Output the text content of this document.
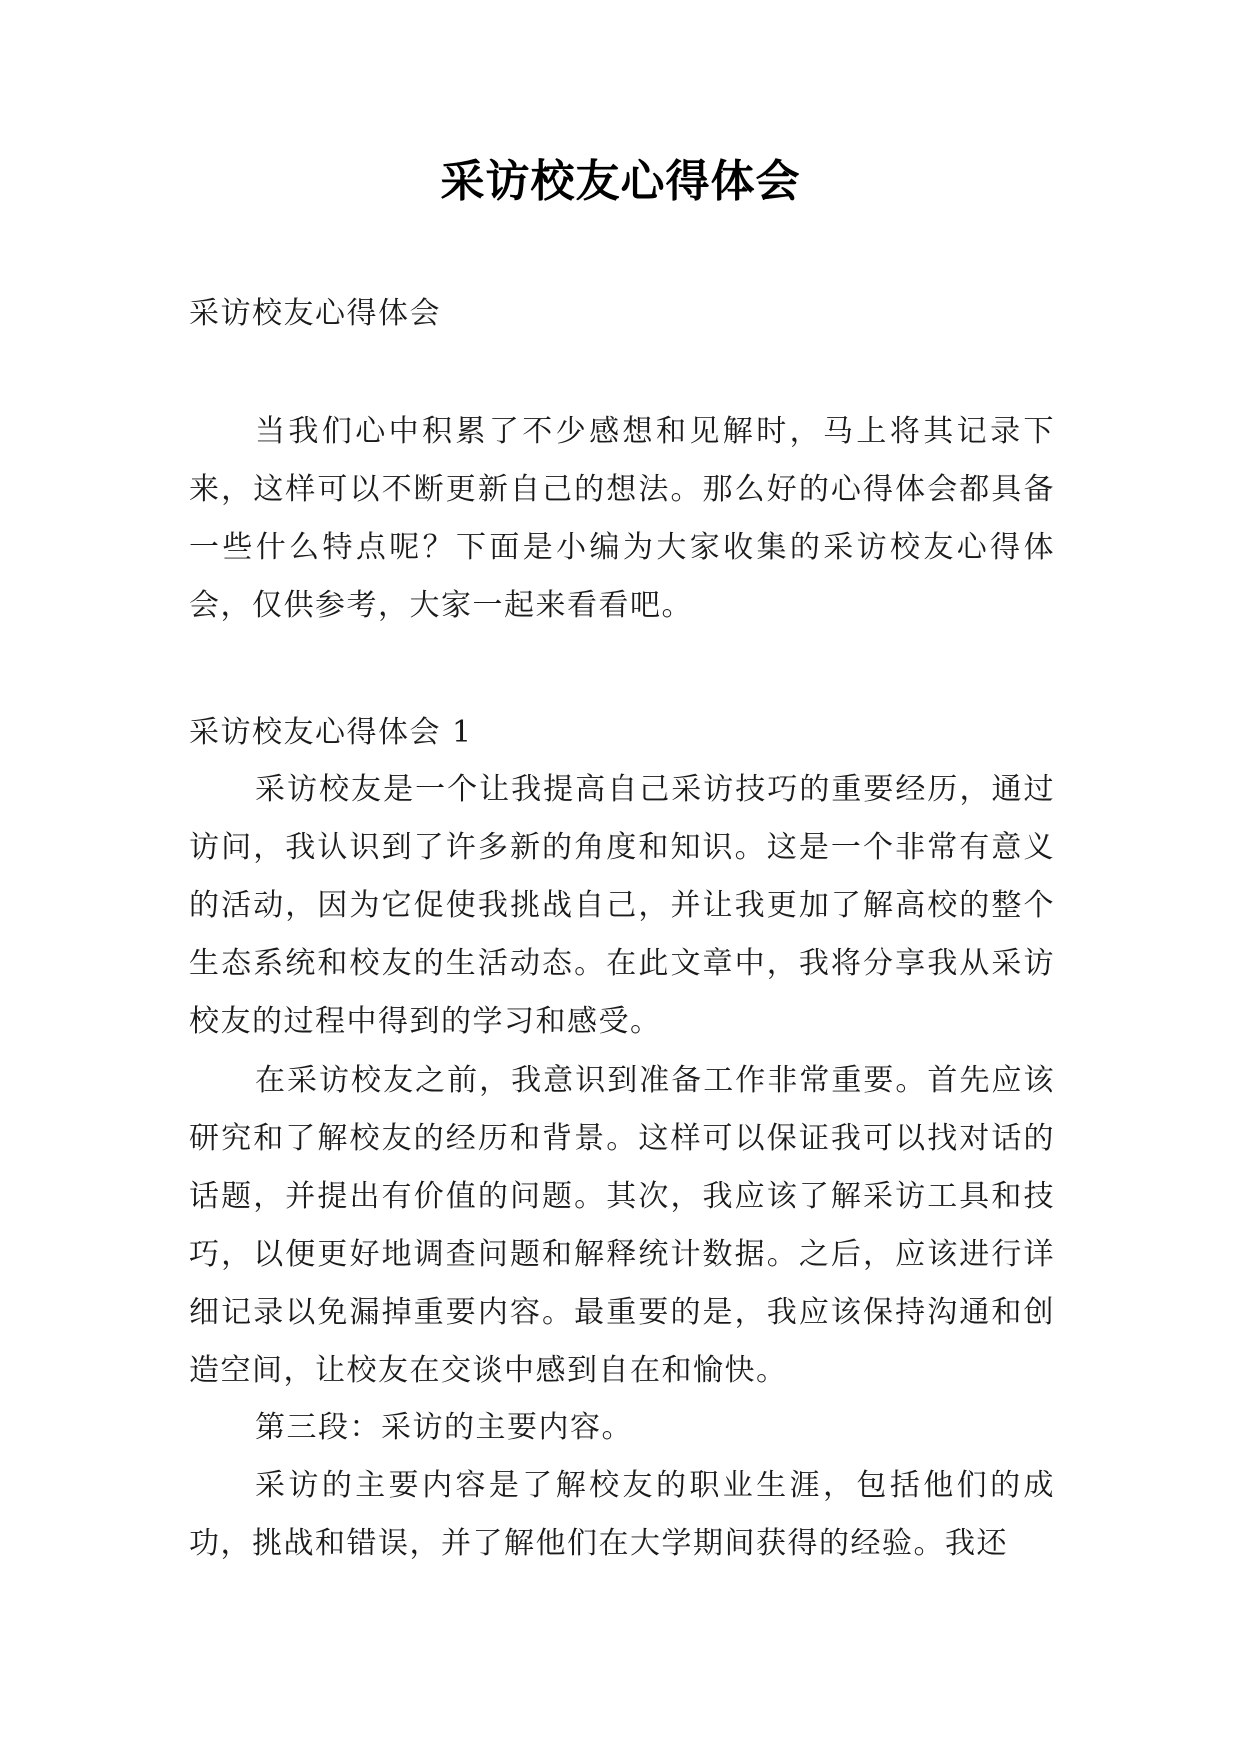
采访校友心得体会

采访校友心得体会

当我们心中积累了不少感想和见解时，马上将其记录下来，这样可以不断更新自己的想法。那么好的心得体会都具备一些什么特点呢？下面是小编为大家收集的采访校友心得体会，仅供参考，大家一起来看看吧。

采访校友心得体会 1

采访校友是一个让我提高自己采访技巧的重要经历，通过访问，我认识到了许多新的角度和知识。这是一个非常有意义的活动，因为它促使我挑战自己，并让我更加了解高校的整个生态系统和校友的生活动态。在此文章中，我将分享我从采访校友的过程中得到的学习和感受。

在采访校友之前，我意识到准备工作非常重要。首先应该研究和了解校友的经历和背景。这样可以保证我可以找对话的话题，并提出有价值的问题。其次，我应该了解采访工具和技巧，以便更好地调查问题和解释统计数据。之后，应该进行详细记录以免漏掉重要内容。最重要的是，我应该保持沟通和创造空间，让校友在交谈中感到自在和愉快。

第三段：采访的主要内容。

采访的主要内容是了解校友的职业生涯，包括他们的成功，挑战和错误，并了解他们在大学期间获得的经验。我还
